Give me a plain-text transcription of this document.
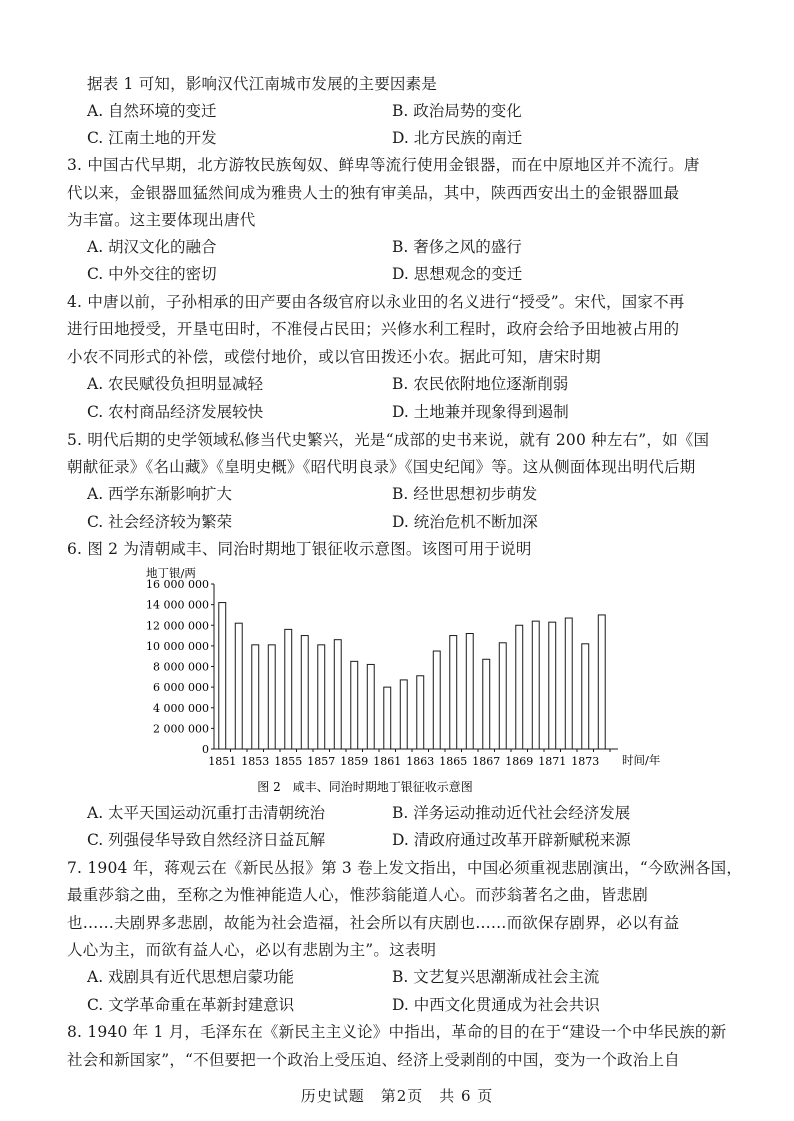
据表 1 可知，影响汉代江南城市发展的主要因素是
A. 自然环境的变迁	B. 政治局势的变化
C. 江南土地的开发	D. 北方民族的南迁
3. 中国古代早期，北方游牧民族匈奴、鲜卑等流行使用金银器，而在中原地区并不流行。唐
代以来，金银器皿猛然间成为雅贵人士的独有审美品，其中，陕西西安出土的金银器皿最
为丰富。这主要体现出唐代
A. 胡汉文化的融合	B. 奢侈之风的盛行
C. 中外交往的密切	D. 思想观念的变迁
4. 中唐以前，子孙相承的田产要由各级官府以永业田的名义进行“授受”。宋代，国家不再
进行田地授受，开垦屯田时，不准侵占民田；兴修水利工程时，政府会给予田地被占用的
小农不同形式的补偿，或偿付地价，或以官田拨还小农。据此可知，唐宋时期
A. 农民赋役负担明显减轻	B. 农民依附地位逐渐削弱
C. 农村商品经济发展较快	D. 土地兼并现象得到遏制
5. 明代后期的史学领域私修当代史繁兴，光是“成部的史书来说，就有 200 种左右”，如《国
朝献征录》《名山藏》《皇明史概》《昭代明良录》《国史纪闻》等。这从侧面体现出明代后期
A. 西学东渐影响扩大	B. 经世思想初步萌发
C. 社会经济较为繁荣	D. 统治危机不断加深
6. 图 2 为清朝咸丰、同治时期地丁银征收示意图。该图可用于说明
地丁银/两
时间/年
0
2 000 000
4 000 000
6 000 000
8 000 000
10 000 000
12 000 000
14 000 000
16 000 000
1851 1853 1855 1857 1859 1861 1863 1865 1867 1869 1871 1873
图 2　咸丰、同治时期地丁银征收示意图
A. 太平天国运动沉重打击清朝统治	B. 洋务运动推动近代社会经济发展
C. 列强侵华导致自然经济日益瓦解	D. 清政府通过改革开辟新赋税来源
7. 1904 年，蒋观云在《新民丛报》第 3 卷上发文指出，中国必须重视悲剧演出，“今欧洲各国，
最重莎翁之曲，至称之为惟神能造人心，惟莎翁能道人心。而莎翁著名之曲，皆悲剧
也……夫剧界多悲剧，故能为社会造福，社会所以有庆剧也……而欲保存剧界，必以有益
人心为主，而欲有益人心，必以有悲剧为主”。这表明
A. 戏剧具有近代思想启蒙功能	B. 文艺复兴思潮渐成社会主流
C. 文学革命重在革新封建意识	D. 中西文化贯通成为社会共识
8. 1940 年 1 月，毛泽东在《新民主主义论》中指出，革命的目的在于“建设一个中华民族的新
社会和新国家”，“不但要把一个政治上受压迫、经济上受剥削的中国，变为一个政治上自
历史试题　第2页　共 6 页
